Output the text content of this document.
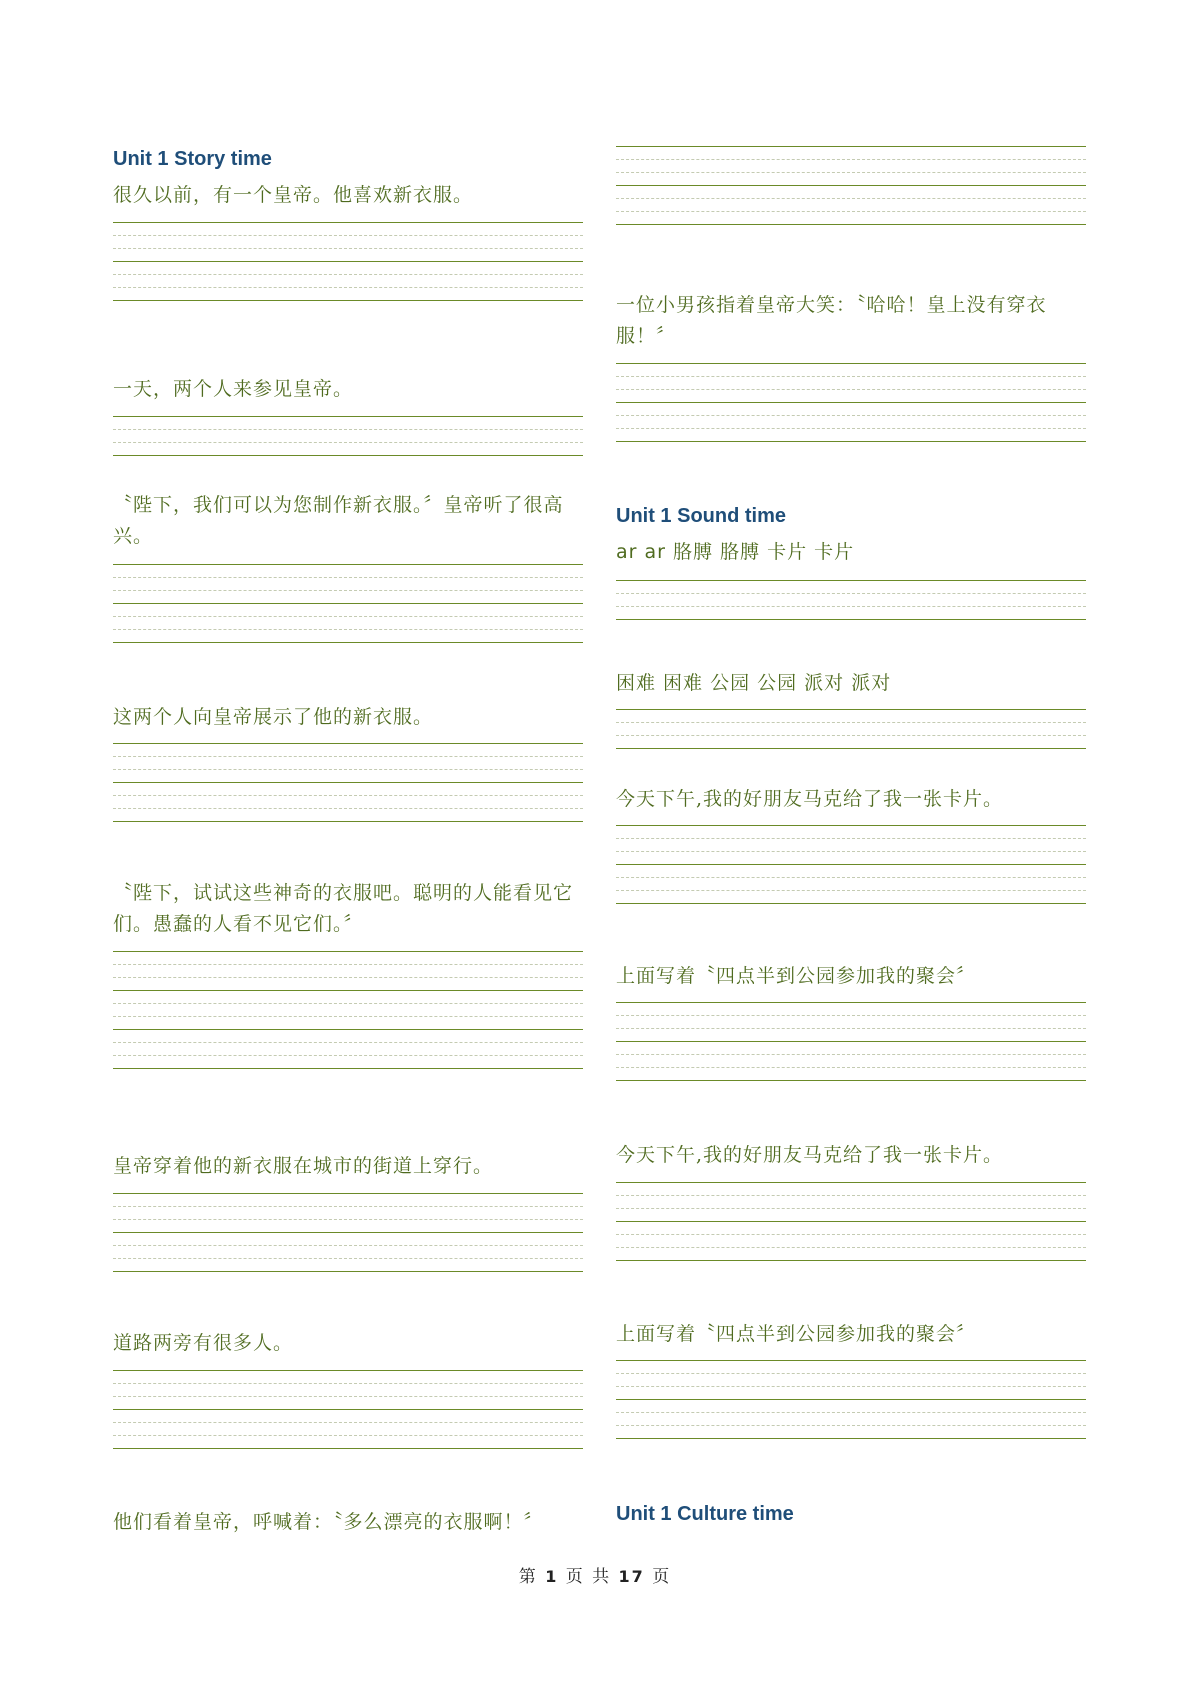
Unit 1 Story time
很久以前，有一个皇帝。他喜欢新衣服。
一天，两个人来参见皇帝。
〝陛下，我们可以为您制作新衣服。〞皇帝听了很高兴。
这两个人向皇帝展示了他的新衣服。
〝陛下，试试这些神奇的衣服吧。聪明的人能看见它们。愚蠢的人看不见它们。〞
皇帝穿着他的新衣服在城市的街道上穿行。
道路两旁有很多人。
他们看着皇帝，呼喊着：〝多么漂亮的衣服啊！〞
一位小男孩指着皇帝大笑：〝哈哈！皇上没有穿衣服！〞
Unit 1 Sound time
ar ar 胳膊 胳膊 卡片 卡片
困难 困难 公园 公园 派对 派对
今天下午,我的好朋友马克给了我一张卡片。
上面写着〝四点半到公园参加我的聚会〞
今天下午,我的好朋友马克给了我一张卡片。
上面写着〝四点半到公园参加我的聚会〞
Unit 1 Culture time
第 1 页 共 17 页
